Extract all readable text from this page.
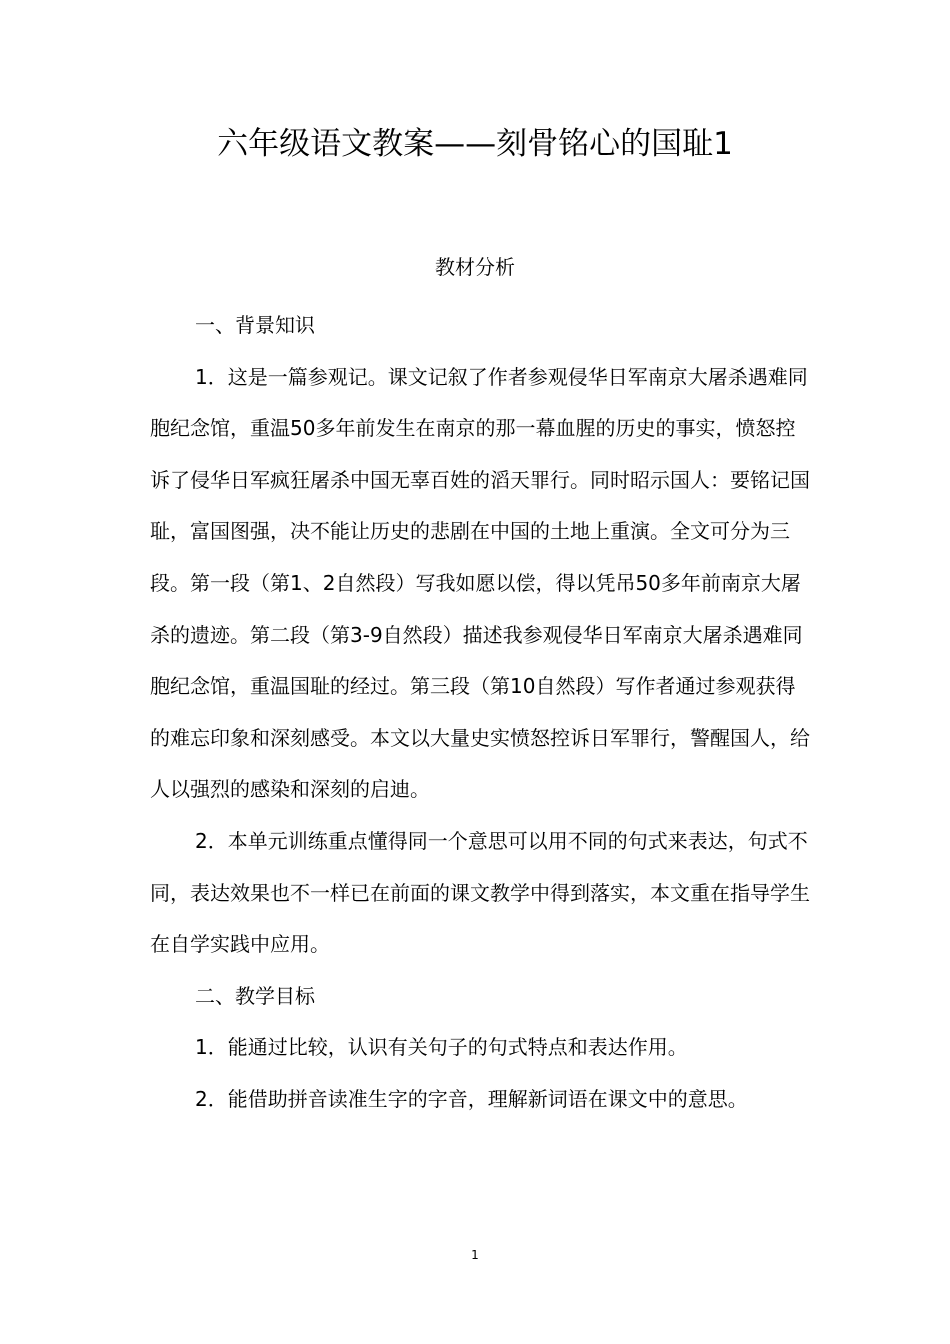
六年级语文教案——刻骨铭心的国耻1
教材分析

一、背景知识

1．这是一篇参观记。课文记叙了作者参观侵华日军南京大屠杀遇难同胞纪念馆，重温50多年前发生在南京的那一幕血腥的历史的事实，愤怒控诉了侵华日军疯狂屠杀中国无辜百姓的滔天罪行。同时昭示国人：要铭记国耻，富国图强，决不能让历史的悲剧在中国的土地上重演。全文可分为三段。第一段（第1、2自然段）写我如愿以偿，得以凭吊50多年前南京大屠杀的遗迹。第二段（第3-9自然段）描述我参观侵华日军南京大屠杀遇难同胞纪念馆，重温国耻的经过。第三段（第10自然段）写作者通过参观获得的难忘印象和深刻感受。本文以大量史实愤怒控诉日军罪行，警醒国人，给人以强烈的感染和深刻的启迪。

2．本单元训练重点懂得同一个意思可以用不同的句式来表达，句式不同，表达效果也不一样已在前面的课文教学中得到落实，本文重在指导学生在自学实践中应用。

二、教学目标

1．能通过比较，认识有关句子的句式特点和表达作用。

2．能借助拼音读准生字的字音，理解新词语在课文中的意思。

1
